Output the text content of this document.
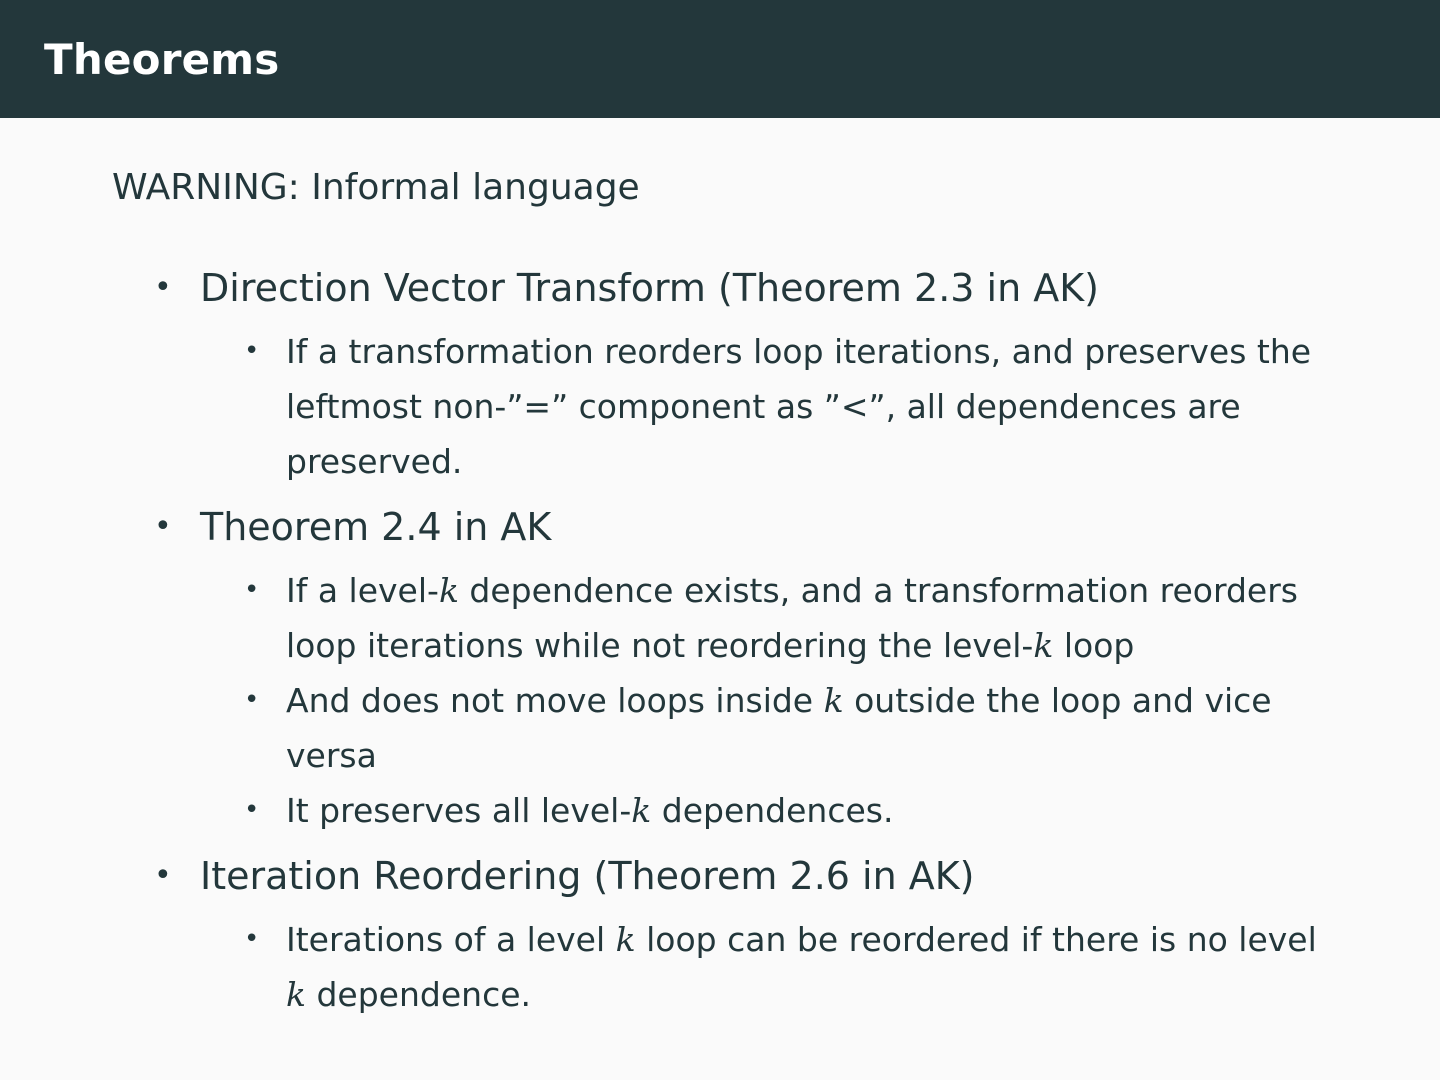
Theorems

WARNING: Informal language

• Direction Vector Transform (Theorem 2.3 in AK)
• If a transformation reorders loop iterations, and preserves the leftmost non-”=” component as ”<”, all dependences are preserved.
• Theorem 2.4 in AK
• If a level-k dependence exists, and a transformation reorders loop iterations while not reordering the level-k loop
• And does not move loops inside k outside the loop and vice versa
• It preserves all level-k dependences.
• Iteration Reordering (Theorem 2.6 in AK)
• Iterations of a level k loop can be reordered if there is no level k dependence.
